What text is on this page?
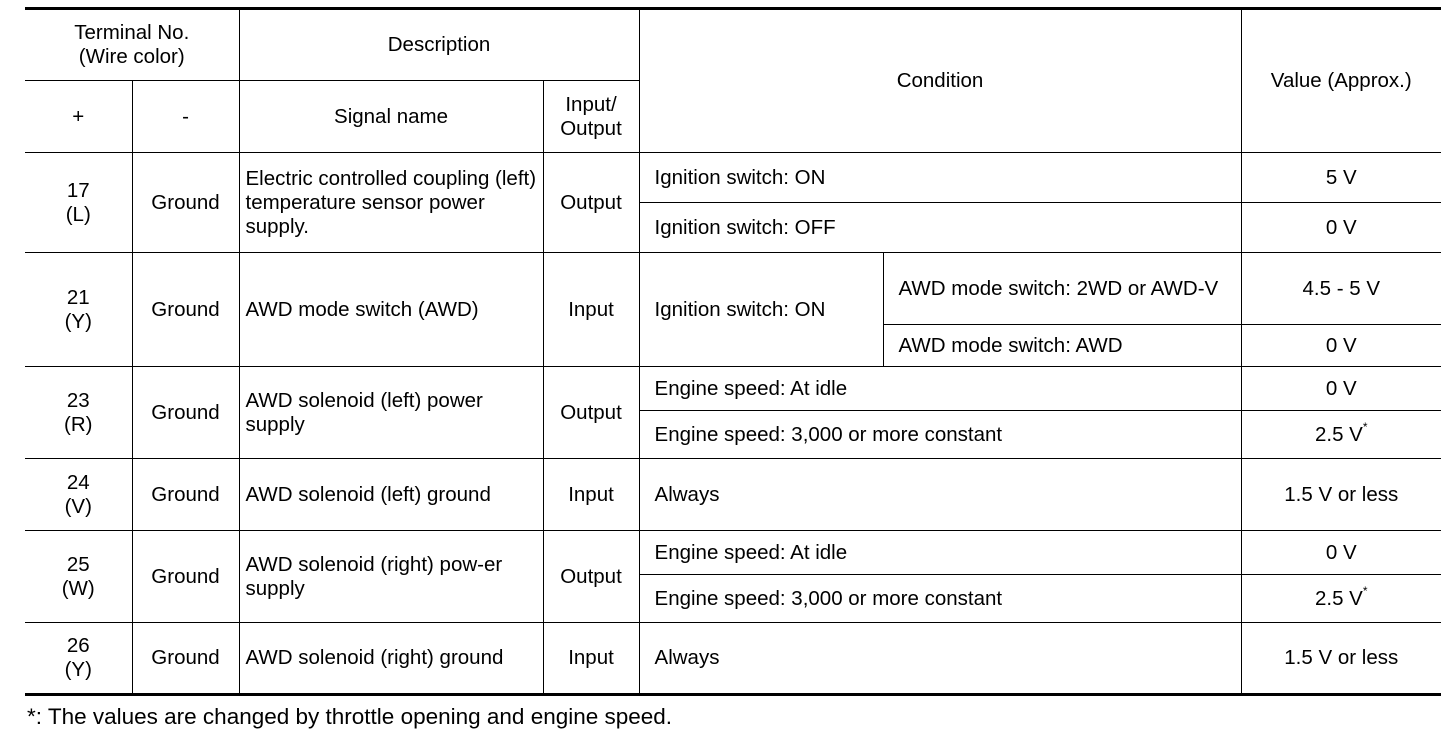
Terminal No.
(Wire color)		Description		Condition		Value (Approx.)
+	-	Signal name	Input/
Output			
17
(L)	Ground	Electric controlled coupling (left) temperature sensor power supply.	Output	Ignition switch: ON		5 V
				Ignition switch: OFF		0 V
21
(Y)	Ground	AWD mode switch (AWD)	Input	Ignition switch: ON	AWD mode switch: 2WD or AWD-V	4.5 - 5 V
					AWD mode switch: AWD	0 V
23
(R)	Ground	AWD solenoid (left) power supply	Output	Engine speed: At idle		0 V
				Engine speed: 3,000 or more constant		2.5 V*
24
(V)	Ground	AWD solenoid (left) ground	Input	Always		1.5 V or less
25
(W)	Ground	AWD solenoid (right) pow-er supply	Output	Engine speed: At idle		0 V
				Engine speed: 3,000 or more constant		2.5 V*
26
(Y)	Ground	AWD solenoid (right) ground	Input	Always		1.5 V or less
*: The values are changed by throttle opening and engine speed.
